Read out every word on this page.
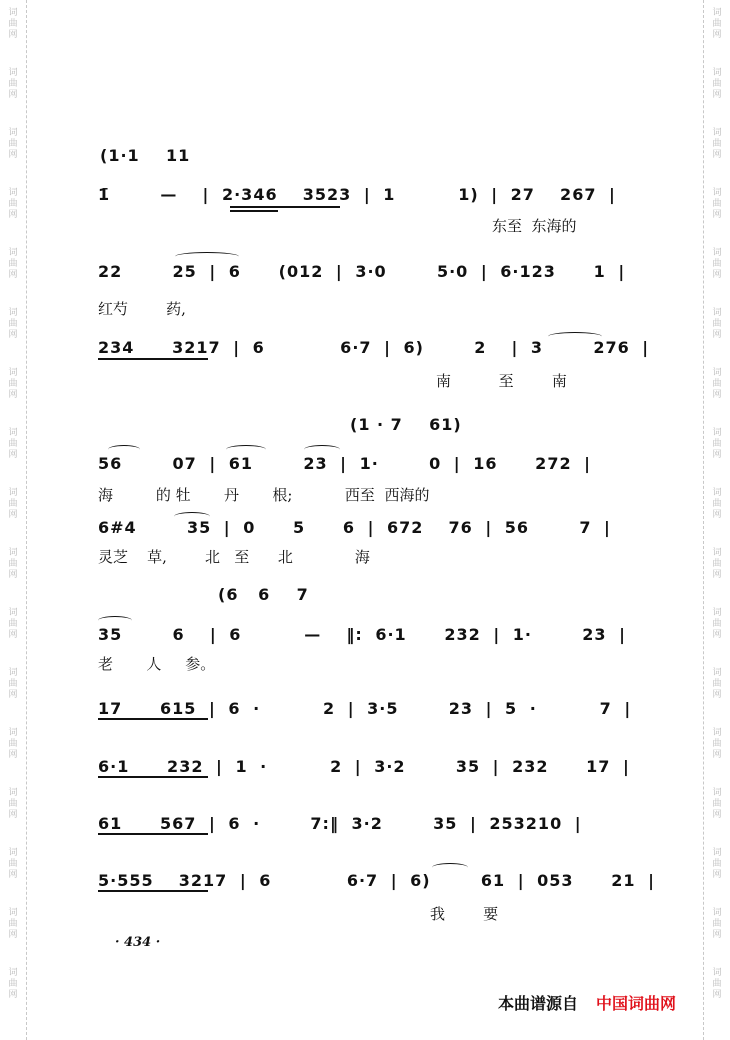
词
曲
网
词
曲
网
词
曲
网
词
曲
网
词
曲
网
词
曲
网
词
曲
网
词
曲
网
词
曲
网
词
曲
网
词
曲
网
词
曲
网
词
曲
网
词
曲
网
词
曲
网
词
曲
网
词
曲
网
词
曲
网
词
曲
网
词
曲
网
词
曲
网
词
曲
网
词
曲
网
词
曲
网
词
曲
网
词
曲
网
词
曲
网
词
曲
网
词
曲
网
词
曲
网
词
曲
网
词
曲
网
词
曲
网
词
曲
网
(1·1    11
1̄    —  | 2·346  3523 | 1     1) | 27  267 |
东至  东海的
22    25 | 6   (012 | 3·0    5·0 | 6·123   1 |
红芍        药,
234   3217 | 6      6·7 | 6)    2  | 3    276 |
南          至        南
(1 · 7    61)
56    07 | 61    23 | 1·    0 | 16   272 |
海         的 牡       丹       根;           西至  西海的
6#4    35 | 0   5   6 | 672  76 | 56    7 |
灵芝    草,        北   至      北             海
(6   6    7
35    6  | 6     —  ‖: 6·1   232 | 1·    23 |
老       人     参。
17   615 | 6 ·     2 | 3·5    23 | 5 ·     7 |
6·1   232 | 1 ·     2 | 3·2    35 | 232   17 |
61   567 | 6 ·    7:‖ 3·2    35 | 253210 |
5·555  3217 | 6      6·7 | 6)    61 | 053   21 |
我        要
· 434 ·
本曲谱源自 中国词曲网
